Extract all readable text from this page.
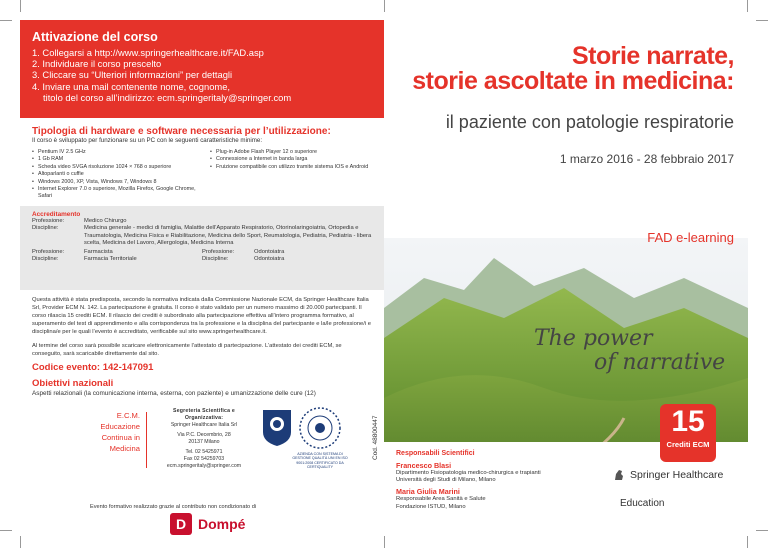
Attivazione del corso
1. Collegarsi a http://www.springerhealthcare.it/FAD.asp
2. Individuare il corso prescelto
3. Cliccare su “Ulteriori informazioni” per dettagli
4. Inviare una mail contenente nome, cognome,
titolo del corso all’indirizzo: ecm.springeritaly@springer.com
Tipologia di hardware e software necessaria per l’utilizzazione:
Il corso è sviluppato per funzionare su un PC con le seguenti caratteristiche minime:
• Pentium IV 2.5 GHz
• 1 Gb RAM
• Scheda video SVGA risoluzione 1024 × 768 o superiore
• Altoparlanti o cuffie
• Windows 2000, XP, Vista, Windows 7, Windows 8
• Internet Explorer 7.0 o superiore, Mozilla Firefox, Google Chrome, Safari
• Plug-in Adobe Flash Player 12 o superiore
• Connessione a Internet in banda larga
• Fruizione compatibile con utilizzo tramite sistema IOS e Android
Accreditamento
Professione:	Medico Chirurgo
Discipline:	Medicina generale - medici di famiglia, Malattie dell’Apparato Respiratorio, Otorinolaringoiatria, Ortopedia e Traumatologia, Medicina Fisica e Riabilitazione, Medicina dello Sport, Reumatologia, Pediatria, Pediatria - libera scelta, Medicina del Lavoro, Allergologia, Medicina Interna
Professione:	Farmacista
Discipline:	Farmacia Territoriale
Professione:	Odontoiatra
Discipline:	Odontoiatra
Questa attività è stata predisposta, secondo la normativa indicata dalla Commissione Nazionale ECM, da Springer Healthcare Italia Srl, Provider ECM N. 142. La partecipazione è gratuita. Il corso è stato validato per un numero massimo di 20.000 partecipanti. Il corso rilascia 15 crediti ECM. Il rilascio dei crediti è subordinato alla partecipazione effettiva all’intero programma formativo, al superamento del test di apprendimento e alla corrispondenza tra la professione e la disciplina del partecipante e la/le professione/i e disciplina/e per le quali l’evento è accreditato, verificabile sul sito www.springerhealthcare.it.
Al termine del corso sarà possibile scaricare elettronicamente l’attestato di partecipazione. L’attestato dei crediti ECM, se conseguito, sarà scaricabile direttamente dal sito.
Codice evento: 142-147091
Obiettivi nazionali
Aspetti relazionali (la comunicazione interna, esterna, con paziente) e umanizzazione delle cure (12)
E.C.M.
Educazione
Continua in
Medicina
Segreteria Scientifica e Organizzativa:
Springer Healthcare Italia Srl
Via P.C. Decembrio, 28
20137 Milano
Tel. 02 5425971
Fax 02 54259703
ecm.springeritaly@springer.com
AZIENDA CON SISTEMA DI GESTIONE QUALITÀ UNI EN ISO 9001:2008 CERTIFICATO DA CERTIQUALITY
Cod. 48800447
Evento formativo realizzato grazie al contributo non condizionato di
D Dompé
Storie narrate,
storie ascoltate in medicina:
il paziente con patologie respiratorie
1 marzo 2016 - 28 febbraio 2017
FAD e-learning
The power
of narrative
Responsabili Scientifici
Francesco Blasi
Dipartimento Fisiopatologia medico-chirurgica e trapianti
Università degli Studi di Milano, Milano
Maria Giulia Marini
Responsabile Area Sanità e Salute
Fondazione ISTUD, Milano
15
Crediti ECM
Springer Healthcare
Education
